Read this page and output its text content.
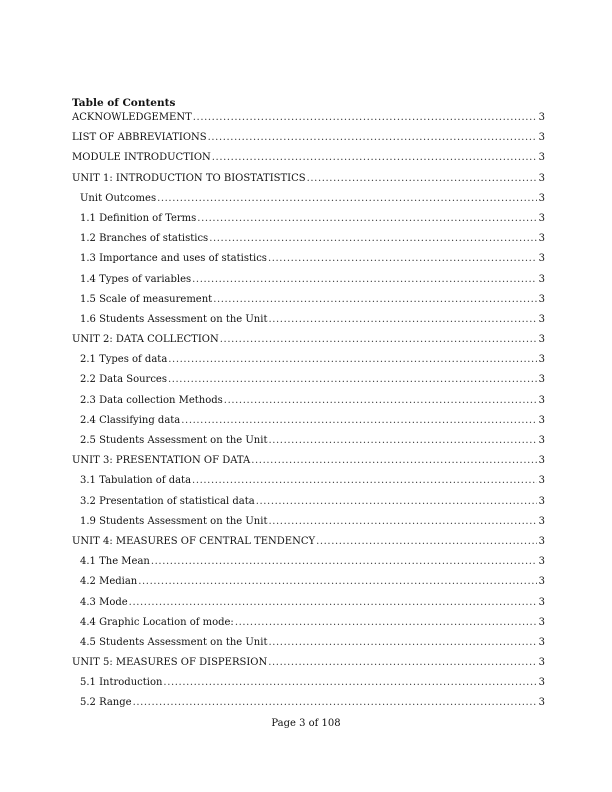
Table of Contents
ACKNOWLEDGEMENT .....	3
LIST OF ABBREVIATIONS .....	3
MODULE INTRODUCTION .....	3
UNIT 1: INTRODUCTION TO BIOSTATISTICS .....	3
Unit Outcomes .....	3
1.1 Definition of Terms .....	3
1.2 Branches of statistics .....	3
1.3 Importance and uses of statistics .....	3
1.4 Types of variables .....	3
1.5 Scale of measurement .....	3
1.6 Students Assessment on the Unit .....	3
UNIT 2: DATA COLLECTION .....	3
2.1 Types of data .....	3
2.2 Data Sources .....	3
2.3 Data collection Methods .....	3
2.4 Classifying data .....	3
2.5 Students Assessment on the Unit .....	3
UNIT 3: PRESENTATION OF DATA .....	3
3.1 Tabulation of data .....	3
3.2 Presentation of statistical data .....	3
1.9 Students Assessment on the Unit .....	3
UNIT 4: MEASURES OF CENTRAL TENDENCY .....	3
4.1 The Mean .....	3
4.2 Median .....	3
4.3 Mode .....	3
4.4 Graphic Location of mode: .....	3
4.5 Students Assessment on the Unit .....	3
UNIT 5: MEASURES OF DISPERSION .....	3
5.1 Introduction .....	3
5.2 Range .....	3
Page 3 of 108
